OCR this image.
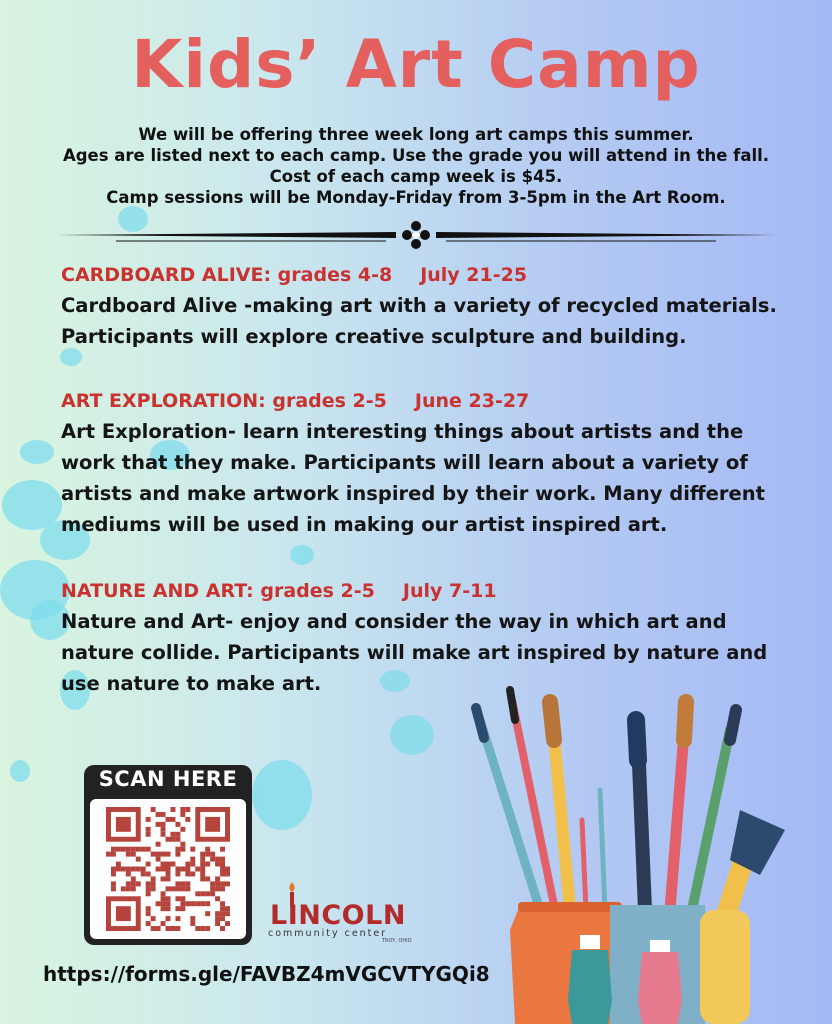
Kids’ Art Camp
We will be offering three week long art camps this summer.
Ages are listed next to each camp. Use the grade you will attend in the fall.
Cost of each camp week is $45.
Camp sessions will be Monday-Friday from 3-5pm in the Art Room.
CARDBOARD ALIVE: grades 4-8 July 21-25
Cardboard Alive -making art with a variety of recycled materials.
Participants will explore creative sculpture and building.
ART EXPLORATION: grades 2-5 June 23-27
Art Exploration- learn interesting things about artists and the
work that they make. Participants will learn about a variety of
artists and make artwork inspired by their work. Many different
mediums will be used in making our artist inspired art.
NATURE AND ART: grades 2-5 July 7-11
Nature and Art- enjoy and consider the way in which art and
nature collide. Participants will make art inspired by nature and
use nature to make art.
SCAN HERE
LINCOLN
community center
TROY, OHIO
https://forms.gle/FAVBZ4mVGCVTYGQi8
